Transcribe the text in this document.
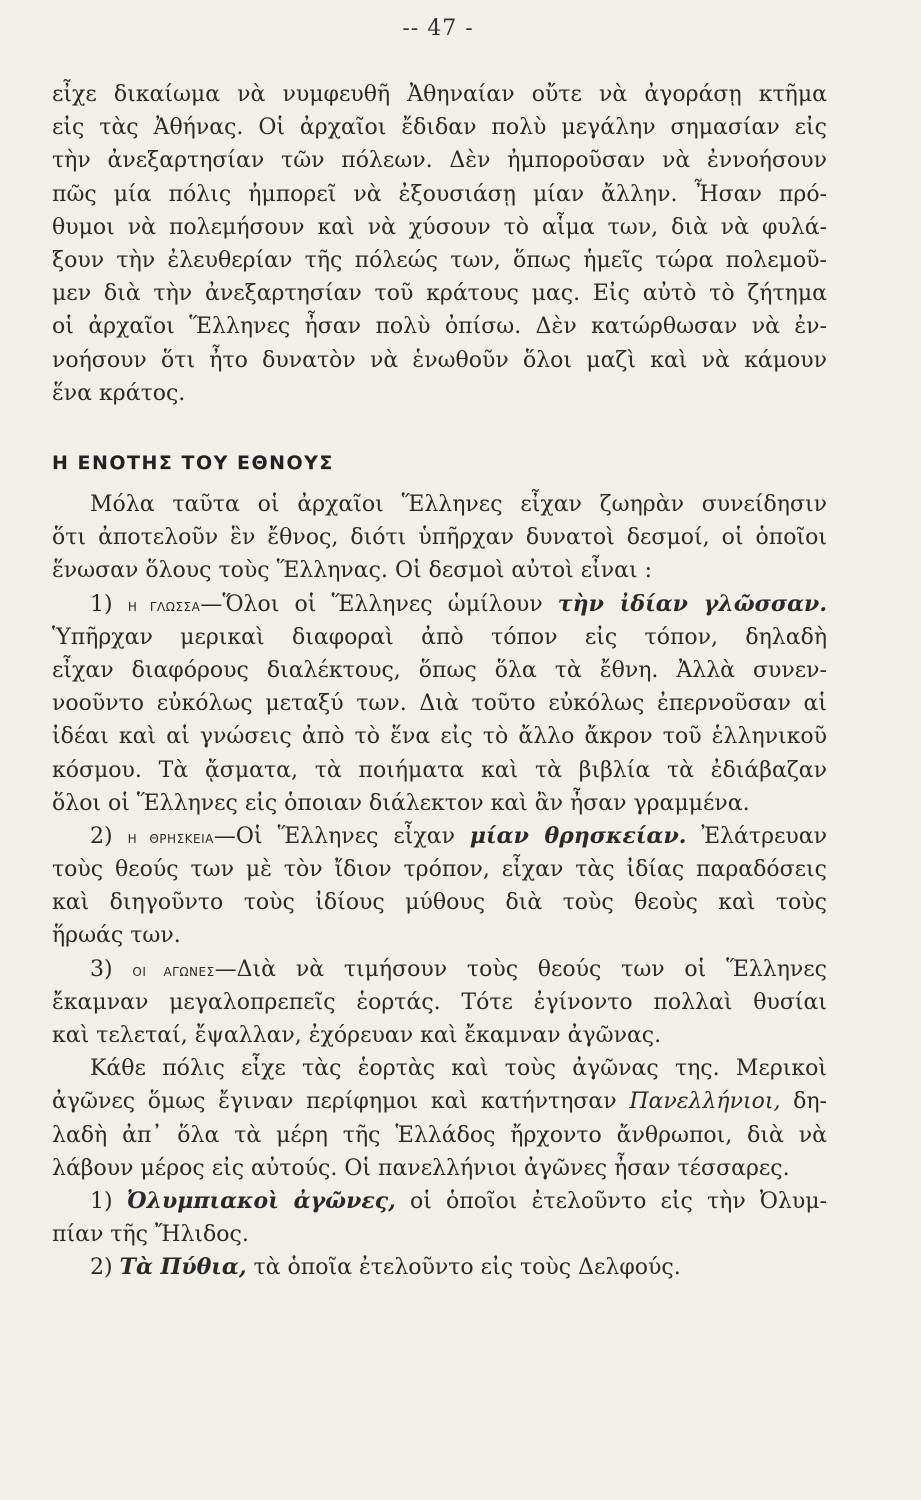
-- 47 -
εἶχε δικαίωμα νὰ νυμφευθῆ Ἀθηναίαν οὔτε νὰ ἀγοράσῃ κτῆμα
εἰς τὰς Ἀθήνας. Οἱ ἀρχαῖοι ἔδιδαν πολὺ μεγάλην σημασίαν εἰς
τὴν ἀνεξαρτησίαν τῶν πόλεων. Δὲν ἠμποροῦσαν νὰ ἐννοήσουν
πῶς μία πόλις ἠμπορεῖ νὰ ἐξουσιάσῃ μίαν ἄλλην. Ἦσαν πρό-
θυμοι νὰ πολεμήσουν καὶ νὰ χύσουν τὸ αἷμα των, διὰ νὰ φυλά-
ξουν τὴν ἐλευθερίαν τῆς πόλεώς των, ὅπως ἡμεῖς τώρα πολεμοῦ-
μεν διὰ τὴν ἀνεξαρτησίαν τοῦ κράτους μας. Εἰς αὐτὸ τὸ ζήτημα
οἱ ἀρχαῖοι Ἕλληνες ἦσαν πολὺ ὀπίσω. Δὲν κατώρθωσαν νὰ ἐν-
νοήσουν ὅτι ἦτο δυνατὸν νὰ ἑνωθοῦν ὅλοι μαζὶ καὶ νὰ κάμουν
ἕνα κράτος.
Η ΕΝΟΤΗΣ ΤΟΥ ΕΘΝΟΥΣ
Μόλα ταῦτα οἱ ἀρχαῖοι Ἕλληνες εἶχαν ζωηρὰν συνείδησιν
ὅτι ἀποτελοῦν ἓν ἔθνος, διότι ὑπῆρχαν δυνατοὶ δεσμοί, οἱ ὁποῖοι
ἕνωσαν ὅλους τοὺς Ἕλληνας. Οἱ δεσμοὶ αὐτοὶ εἶναι :
1) Η ΓΛΩΣΣΑ—Ὅλοι οἱ Ἕλληνες ὡμίλουν τὴν ἰδίαν γλῶσσαν.
Ὑπῆρχαν μερικαὶ διαφοραὶ ἀπὸ τόπον εἰς τόπον, δηλαδὴ
εἶχαν διαφόρους διαλέκτους, ὅπως ὅλα τὰ ἔθνη. Ἀλλὰ συνεν-
νοοῦντο εὐκόλως μεταξύ των. Διὰ τοῦτο εὐκόλως ἐπερνοῦσαν αἱ
ἰδέαι καὶ αἱ γνώσεις ἀπὸ τὸ ἕνα εἰς τὸ ἄλλο ἄκρον τοῦ ἑλληνικοῦ
κόσμου. Τὰ ᾄσματα, τὰ ποιήματα καὶ τὰ βιβλία τὰ ἐδιάβαζαν
ὅλοι οἱ Ἕλληνες εἰς ὁποιαν διάλεκτον καὶ ἂν ἦσαν γραμμένα.
2) Η ΘΡΗΣΚΕΙΑ—Οἱ Ἕλληνες εἶχαν μίαν θρησκείαν. Ἐλάτρευαν
τοὺς θεούς των μὲ τὸν ἴδιον τρόπον, εἶχαν τὰς ἰδίας παραδόσεις
καὶ διηγοῦντο τοὺς ἰδίους μύθους διὰ τοὺς θεοὺς καὶ τοὺς
ἥρωάς των.
3) ΟΙ ΑΓΩΝΕΣ—Διὰ νὰ τιμήσουν τοὺς θεούς των οἱ Ἕλληνες
ἔκαμναν μεγαλοπρεπεῖς ἑορτάς. Τότε ἐγίνοντο πολλαὶ θυσίαι
καὶ τελεταί, ἔψαλλαν, ἐχόρευαν καὶ ἔκαμναν ἀγῶνας.
Κάθε πόλις εἶχε τὰς ἑορτὰς καὶ τοὺς ἀγῶνας της. Μερικοὶ
ἀγῶνες ὅμως ἔγιναν περίφημοι καὶ κατήντησαν Πανελλήνιοι, δη-
λαδὴ ἀπ᾽ ὅλα τὰ μέρη τῆς Ἑλλάδος ἤρχοντο ἄνθρωποι, διὰ νὰ
λάβουν μέρος εἰς αὐτούς. Οἱ πανελλήνιοι ἀγῶνες ἦσαν τέσσαρες.
1) Ὀλυμπιακοὶ ἀγῶνες, οἱ ὁποῖοι ἐτελοῦντο εἰς τὴν Ὀλυμ-
πίαν τῆς Ἤλιδος.
2) Τὰ Πύθια, τὰ ὁποῖα ἐτελοῦντο εἰς τοὺς Δελφούς.
